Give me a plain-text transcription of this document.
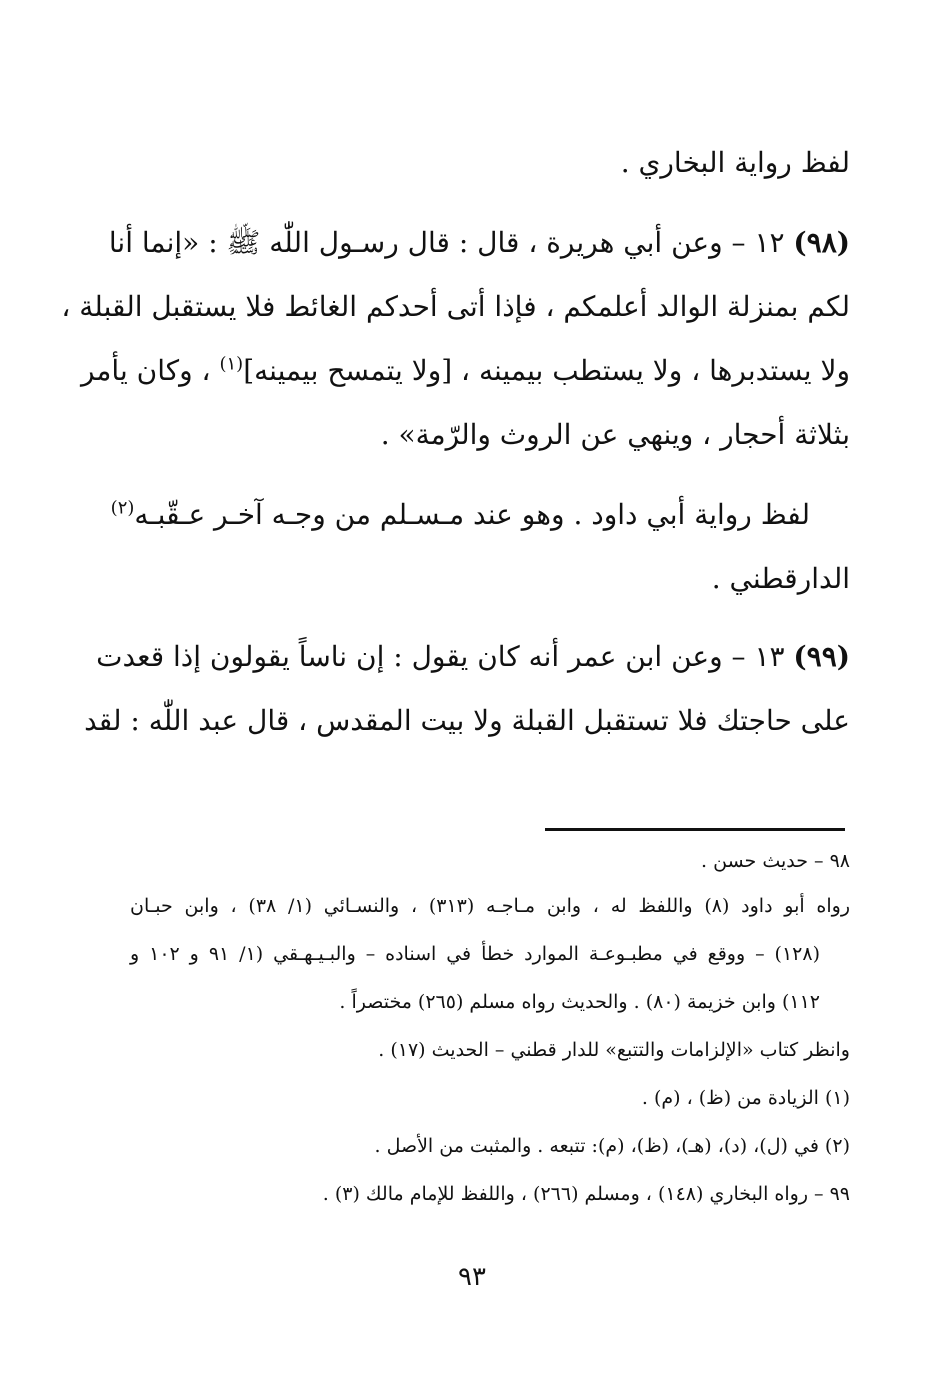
لفظ رواية البخاري .
(٩٨) ١٢ – وعن أبي هريرة ، قال : قال رسـول اللّٰه ﷺ : «إنما أنا
لكم بمنزلة الوالد أعلمكم ، فإذا أتى أحدكم الغائط فلا يستقبل القبلة ،
ولا يستدبرها ، ولا يستطب بيمينه ، [ولا يتمسح بيمينه]$^{(١)}$ ، وكان يأمر
بثلاثة أحجار ، وينهي عن الروث والرّمة» .
لفظ رواية أبي داود . وهو عند مـسـلم من وجـه آخـر عـقّبـه$^{(٢)}$
الدارقطني .
(٩٩) ١٣ – وعن ابن عمر أنه كان يقول : إن ناساً يقولون إذا قعدت
على حاجتك فلا تستقبل القبلة ولا بيت المقدس ، قال عبد اللّٰه : لقد
٩٨ – حديث حسن .
رواه أبو داود (٨) واللفظ له ، وابن مـاجـه (٣١٣) ، والنسـائي (١/ ٣٨) ، وابن حبـان
(١٢٨) – ووقع في مطبـوعـة الموارد خطأ في اسناده – والبـيـهـقي (١/ ٩١ و ١٠٢ و
١١٢) وابن خزيمة (٨٠) . والحديث رواه مسلم (٢٦٥) مختصراً .
وانظر كتاب «الإلزامات والتتبع» للدار قطني – الحديث (١٧) .
(١) الزيادة من (ظ) ، (م) .
(٢) في (ل)، (د)، (هـ)، (ظ)، (م): تتبعه . والمثبت من الأصل .
٩٩ – رواه البخاري (١٤٨) ، ومسلم (٢٦٦) ، واللفظ للإمام مالك (٣) .
٩٣
